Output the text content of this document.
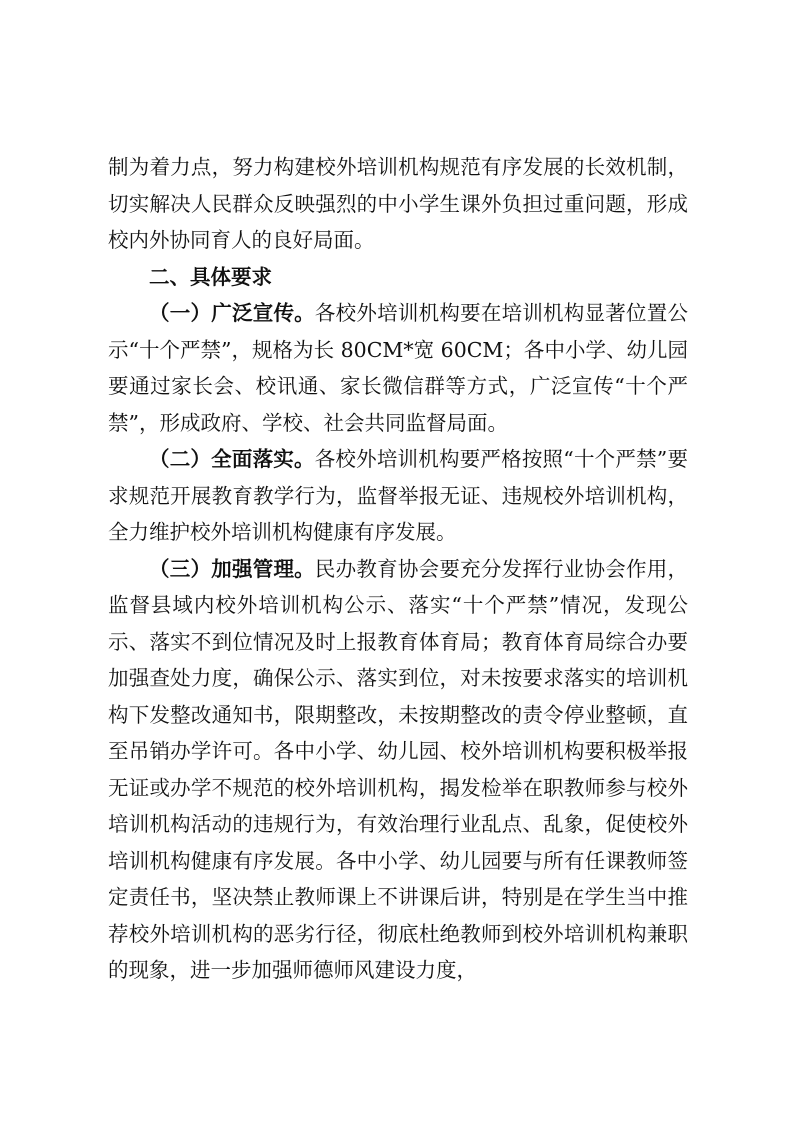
制为着力点，努力构建校外培训机构规范有序发展的长效机制，切实解决人民群众反映强烈的中小学生课外负担过重问题，形成校内外协同育人的良好局面。

二、具体要求

（一）广泛宣传。各校外培训机构要在培训机构显著位置公示“十个严禁”，规格为长 80CM*宽 60CM；各中小学、幼儿园要通过家长会、校讯通、家长微信群等方式，广泛宣传“十个严禁”，形成政府、学校、社会共同监督局面。

（二）全面落实。各校外培训机构要严格按照“十个严禁”要求规范开展教育教学行为，监督举报无证、违规校外培训机构，全力维护校外培训机构健康有序发展。

（三）加强管理。民办教育协会要充分发挥行业协会作用，监督县域内校外培训机构公示、落实“十个严禁”情况，发现公示、落实不到位情况及时上报教育体育局；教育体育局综合办要加强查处力度，确保公示、落实到位，对未按要求落实的培训机构下发整改通知书，限期整改，未按期整改的责令停业整顿，直至吊销办学许可。各中小学、幼儿园、校外培训机构要积极举报无证或办学不规范的校外培训机构，揭发检举在职教师参与校外培训机构活动的违规行为，有效治理行业乱点、乱象，促使校外培训机构健康有序发展。各中小学、幼儿园要与所有任课教师签定责任书，坚决禁止教师课上不讲课后讲，特别是在学生当中推荐校外培训机构的恶劣行径，彻底杜绝教师到校外培训机构兼职的现象，进一步加强师德师风建设力度，
